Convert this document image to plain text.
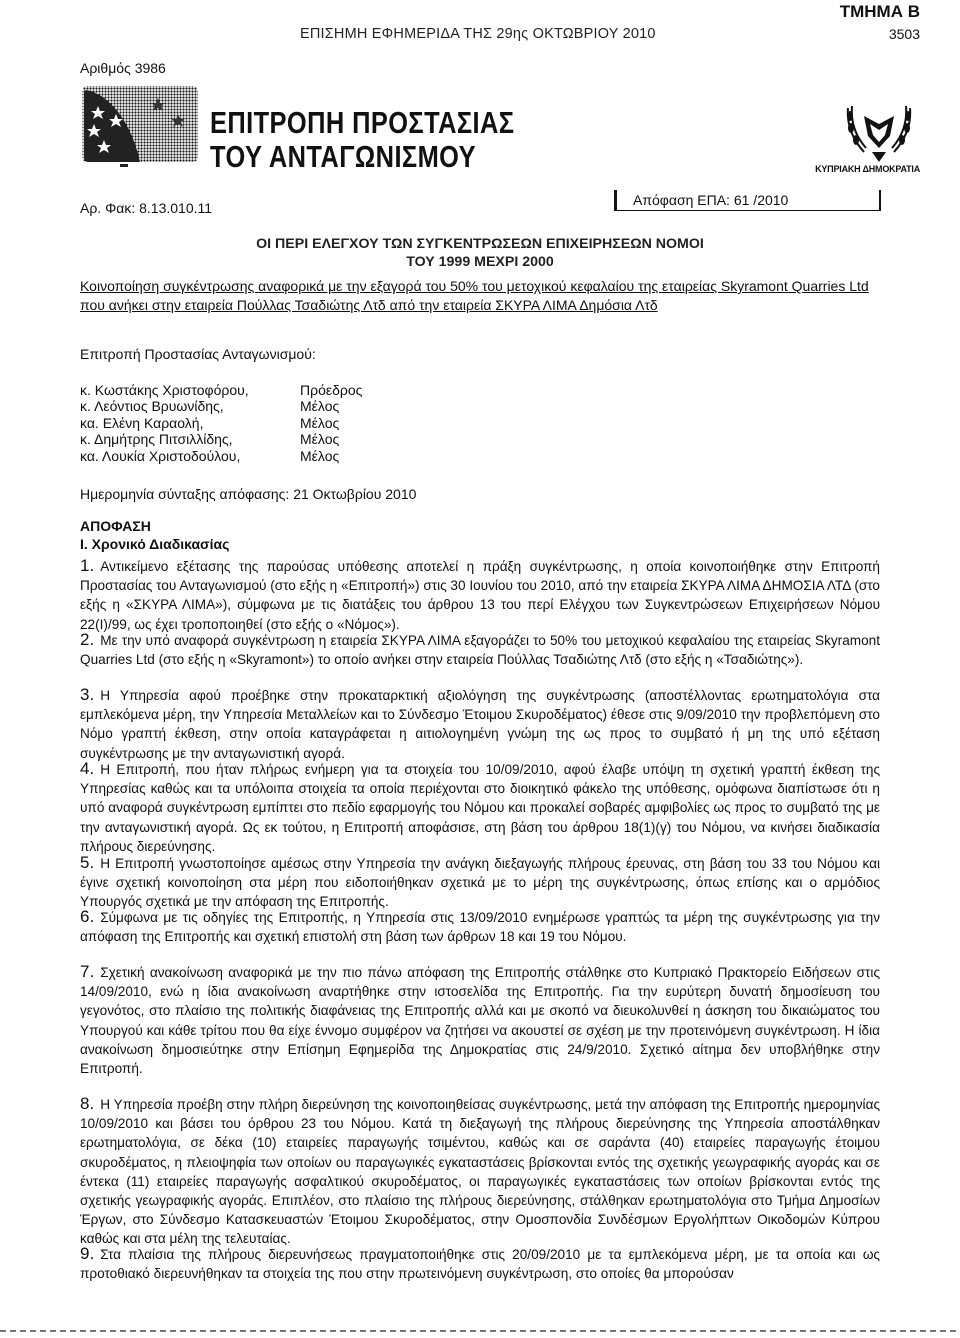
ΕΠΙΣΗΜΗ ΕΦΗΜΕΡΙΔΑ ΤΗΣ 29ης ΟΚΤΩΒΡΙΟΥ 2010
ΤΜΗΜΑ Β
3503
Αριθμός 3986
ΕΠΙΤΡΟΠΗ ΠΡΟΣΤΑΣΙΑΣ
ΤΟΥ ΑΝΤΑΓΩΝΙΣΜΟΥ	ΚΥΠΡΙΑΚΗ ΔΗΜΟΚΡΑΤΙΑ
Αρ. Φακ: 8.13.010.11	Απόφαση ΕΠΑ: 61 /2010
ΟΙ ΠΕΡΙ ΕΛΕΓΧΟΥ ΤΩΝ ΣΥΓΚΕΝΤΡΩΣΕΩΝ ΕΠΙΧΕΙΡΗΣΕΩΝ ΝΟΜΟΙ
ΤΟΥ 1999 ΜΕΧΡΙ 2000
Κοινοποίηση συγκέντρωσης αναφορικά με την εξαγορά του 50% του μετοχικού κεφαλαίου της εταιρείας Skyramont Quarries Ltd που ανήκει στην εταιρεία Πούλλας Τσαδιώτης Λτδ από την εταιρεία ΣΚΥΡΑ ΛΙΜΑ Δημόσια Λτδ
Επιτροπή Προστασίας Ανταγωνισμού:
κ. Κωστάκης Χριστοφόρου,	Πρόεδρος
κ. Λεόντιος Βρυωνίδης,	Μέλος
κα. Ελένη Καραολή,	Μέλος
κ. Δημήτρης Πιτσιλλίδης,	Μέλος
κα. Λουκία Χριστοδούλου,	Μέλος
Ημερομηνία σύνταξης απόφασης: 21 Οκτωβρίου 2010
ΑΠΟΦΑΣΗ
Ι. Χρονικό Διαδικασίας
1. Αντικείμενο εξέτασης της παρούσας υπόθεσης αποτελεί η πράξη συγκέντρωσης, η οποία κοινοποιήθηκε στην Επιτροπή Προστασίας του Ανταγωνισμού (στο εξής η «Επιτροπή») στις 30 Ιουνίου του 2010, από την εταιρεία ΣΚΥΡΑ ΛΙΜΑ ΔΗΜΟΣΙΑ ΛΤΔ (στο εξής η «ΣΚΥΡΑ ΛΙΜΑ»), σύμφωνα με τις διατάξεις του άρθρου 13 του περί Ελέγχου των Συγκεντρώσεων Επιχειρήσεων Νόμου 22(Ι)/99, ως έχει τροποποιηθεί (στο εξής ο «Νόμος»).
2. Με την υπό αναφορά συγκέντρωση η εταιρεία ΣΚΥΡΑ ΛΙΜΑ εξαγοράζει το 50% του μετοχικού κεφαλαίου της εταιρείας Skyramont Quarries Ltd (στο εξής η «Skyramont») το οποίο ανήκει στην εταιρεία Πούλλας Τσαδιώτης Λτδ (στο εξής η «Τσαδιώτης»).
3. Η Υπηρεσία αφού προέβηκε στην προκαταρκτική αξιολόγηση της συγκέντρωσης (αποστέλλοντας ερωτηματολόγια στα εμπλεκόμενα μέρη, την Υπηρεσία Μεταλλείων και το Σύνδεσμο Έτοιμου Σκυροδέματος) έθεσε στις 9/09/2010 την προβλεπόμενη στο Νόμο γραπτή έκθεση, στην οποία καταγράφεται η αιτιολογημένη γνώμη της ως προς το συμβατό ή μη της υπό εξέταση συγκέντρωσης με την ανταγωνιστική αγορά.
4. Η Επιτροπή, που ήταν πλήρως ενήμερη για τα στοιχεία του 10/09/2010, αφού έλαβε υπόψη τη σχετική γραπτή έκθεση της Υπηρεσίας καθώς και τα υπόλοιπα στοιχεία τα οποία περιέχονται στο διοικητικό φάκελο της υπόθεσης, ομόφωνα διαπίστωσε ότι η υπό αναφορά συγκέντρωση εμπίπτει στο πεδίο εφαρμογής του Νόμου και προκαλεί σοβαρές αμφιβολίες ως προς το συμβατό της με την ανταγωνιστική αγορά. Ως εκ τούτου, η Επιτροπή αποφάσισε, στη βάση του άρθρου 18(1)(γ) του Νόμου, να κινήσει διαδικασία πλήρους διερεύνησης.
5. Η Επιτροπή γνωστοποίησε αμέσως στην Υπηρεσία την ανάγκη διεξαγωγής πλήρους έρευνας, στη βάση του 33 του Νόμου και έγινε σχετική κοινοποίηση στα μέρη που ειδοποιήθηκαν σχετικά με το μέρη της συγκέντρωσης, όπως επίσης και ο αρμόδιος Υπουργός σχετικά με την απόφαση της Επιτροπής.
6. Σύμφωνα με τις οδηγίες της Επιτροπής, η Υπηρεσία στις 13/09/2010 ενημέρωσε γραπτώς τα μέρη της συγκέντρωσης για την απόφαση της Επιτροπής και σχετική επιστολή στη βάση των άρθρων 18 και 19 του Νόμου.
7. Σχετική ανακοίνωση αναφορικά με την πιο πάνω απόφαση της Επιτροπής στάλθηκε στο Κυπριακό Πρακτορείο Ειδήσεων στις 14/09/2010, ενώ η ίδια ανακοίνωση αναρτήθηκε στην ιστοσελίδα της Επιτροπής. Για την ευρύτερη δυνατή δημοσίευση του γεγονότος, στο πλαίσιο της πολιτικής διαφάνειας της Επιτροπής αλλά και με σκοπό να διευκολυνθεί η άσκηση του δικαιώματος του Υπουργού και κάθε τρίτου που θα είχε έννομο συμφέρον να ζητήσει να ακουστεί σε σχέση με την προτεινόμενη συγκέντρωση. Η ίδια ανακοίνωση δημοσιεύτηκε στην Επίσημη Εφημερίδα της Δημοκρατίας στις 24/9/2010. Σχετικό αίτημα δεν υποβλήθηκε στην Επιτροπή.
8. Η Υπηρεσία προέβη στην πλήρη διερεύνηση της κοινοποιηθείσας συγκέντρωσης, μετά την απόφαση της Επιτροπής ημερομηνίας 10/09/2010 και βάσει του όρθρου 23 του Νόμου. Κατά τη διεξαγωγή της πλήρους διερεύνησης της Υπηρεσία αποστάλθηκαν ερωτηματολόγια, σε δέκα (10) εταιρείες παραγωγής τσιμέντου, καθώς και σε σαράντα (40) εταιρείες παραγωγής έτοιμου σκυροδέματος, η πλειοψηφία των οποίων ου παραγωγικές εγκαταστάσεις βρίσκονται εντός της σχετικής γεωγραφικής αγοράς και σε έντεκα (11) εταιρείες παραγωγής ασφαλτικού σκυροδέματος, οι παραγωγικές εγκαταστάσεις των οποίων βρίσκονται εντός της σχετικής γεωγραφικής αγοράς. Επιπλέον, στο πλαίσιο της πλήρους διερεύνησης, στάλθηκαν ερωτηματολόγια στο Τμήμα Δημοσίων Έργων, στο Σύνδεσμο Κατασκευαστών Έτοιμου Σκυροδέματος, στην Ομοσπονδία Συνδέσμων Εργολήπτων Οικοδομών Κύπρου καθώς και στα μέλη της τελευταίας.
9. Στα πλαίσια της πλήρους διερευνήσεως πραγματοποιήθηκε στις 20/09/2010 με τα εμπλεκόμενα μέρη, με τα οποία και ως προτοθιακό διερευνήθηκαν τα στοιχεία της που στην πρωτεινόμενη συγκέντρωση, στο οποίες θα μπορούσαν
